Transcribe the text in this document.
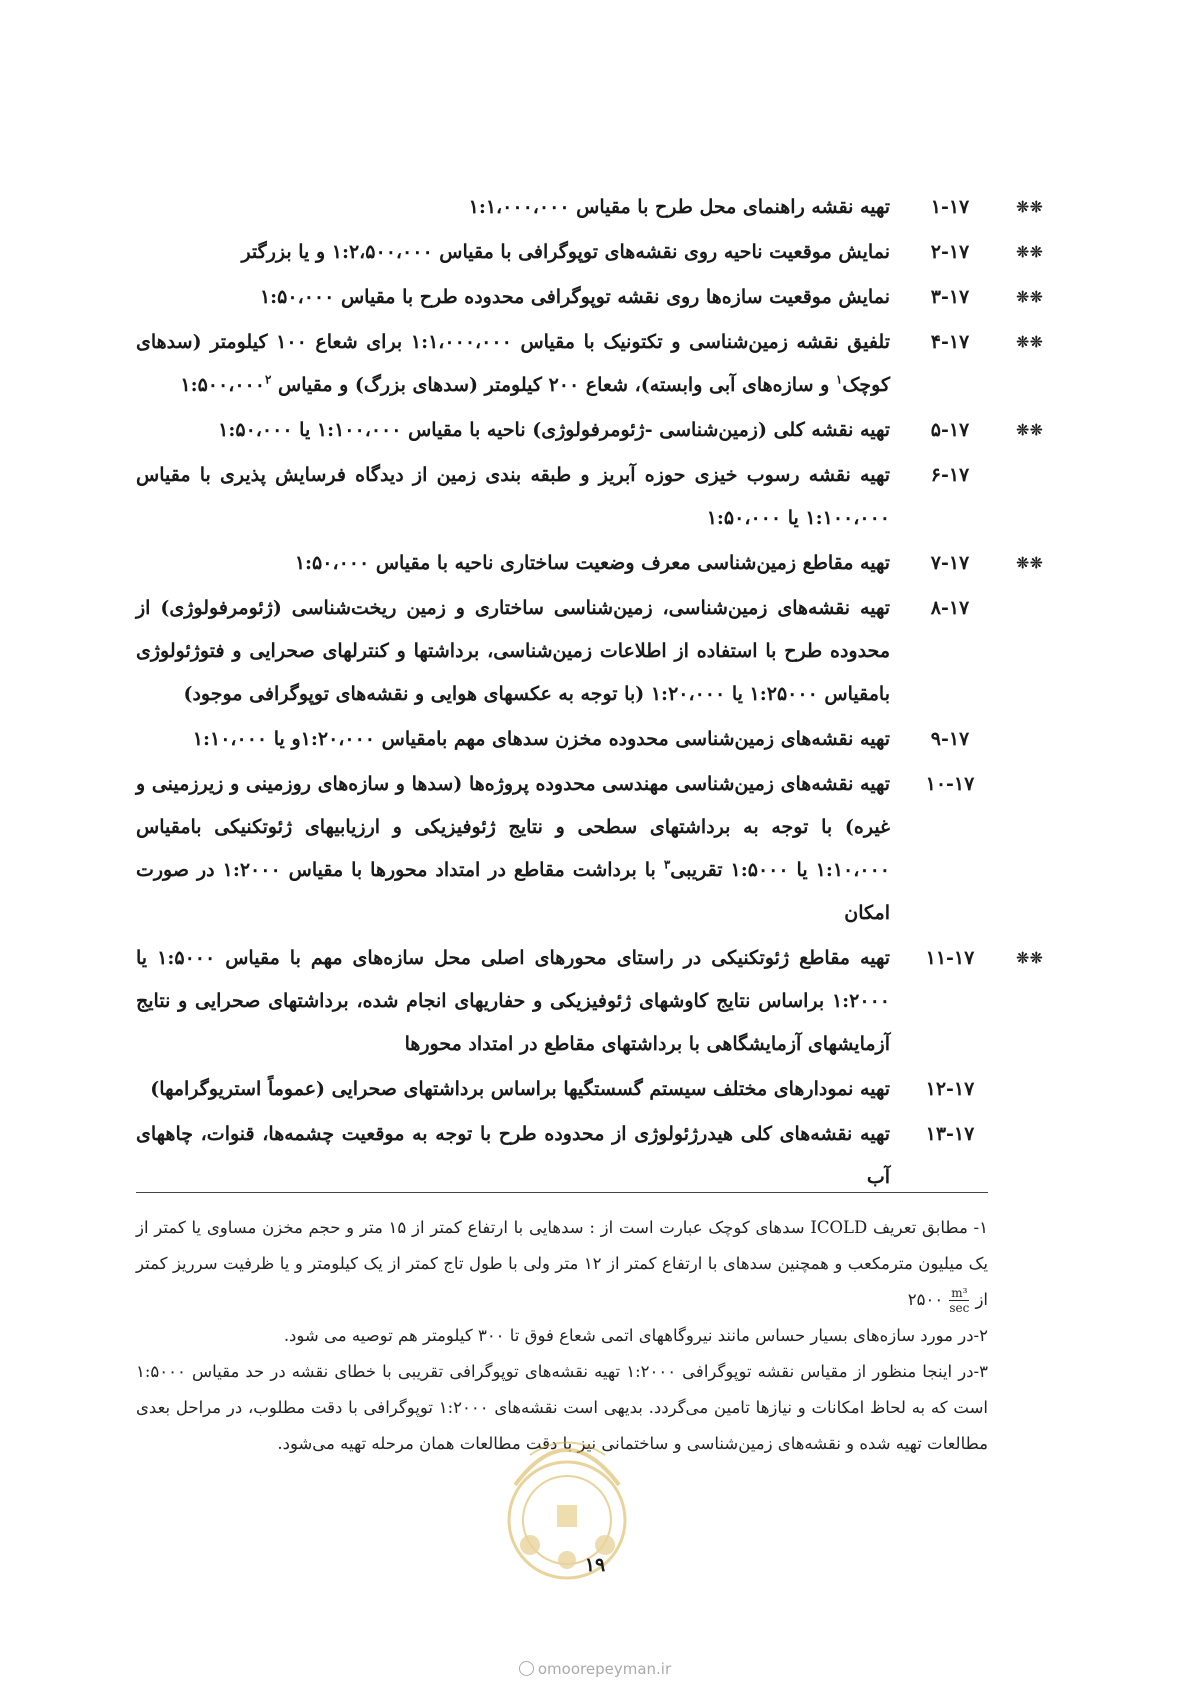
❊❊
۱-۱۷
تهیه نقشه راهنمای محل طرح با مقیاس ۱:۱،۰۰۰،۰۰۰
❊❊
۲-۱۷
نمایش موقعیت ناحیه روی نقشه‌های توپوگرافی با مقیاس ۱:۲،۵۰۰،۰۰۰ و یا بزرگتر
❊❊
۳-۱۷
نمایش موقعیت سازه‌ها روی نقشه توپوگرافی محدوده طرح با مقیاس ۱:۵۰،۰۰۰
❊❊
۴-۱۷
تلفیق نقشه زمین‌شناسی و تکتونیک با مقیاس ۱:۱،۰۰۰،۰۰۰ برای شعاع ۱۰۰ کیلومتر (سدهای کوچک$^۱$ و سازه‌های آبی وابسته)، شعاع ۲۰۰ کیلومتر (سدهای بزرگ) و مقیاس $۱:۵۰۰،۰۰۰^۲$
❊❊
۵-۱۷
تهیه نقشه کلی (زمین‌شناسی -ژئومرفولوژی) ناحیه با مقیاس ۱:۱۰۰،۰۰۰ یا ۱:۵۰،۰۰۰
۶-۱۷
تهیه نقشه رسوب خیزی حوزه آبریز و طبقه بندی زمین از دیدگاه فرسایش پذیری با مقیاس ۱:۱۰۰،۰۰۰ یا ۱:۵۰،۰۰۰
❊❊
۷-۱۷
تهیه مقاطع زمین‌شناسی معرف وضعیت ساختاری ناحیه با مقیاس ۱:۵۰،۰۰۰
۸-۱۷
تهیه نقشه‌های زمین‌شناسی، زمین‌شناسی ساختاری و زمین ریخت‌شناسی (ژئومرفولوژی) از محدوده طرح با استفاده از اطلاعات زمین‌شناسی، برداشتها و کنترلهای صحرایی و فتوژئولوژی بامقیاس ۱:۲۵۰۰۰ یا ۱:۲۰،۰۰۰ (با توجه به عکسهای هوایی و نقشه‌های توپوگرافی موجود)
۹-۱۷
تهیه نقشه‌های زمین‌شناسی محدوده مخزن سدهای مهم بامقیاس ۱:۲۰،۰۰۰و یا ۱:۱۰،۰۰۰
۱۰-۱۷
تهیه نقشه‌های زمین‌شناسی مهندسی محدوده پروژه‌ها (سدها و سازه‌های روزمینی و زیرزمینی و غیره) با توجه به برداشتهای سطحی و نتایج ژئوفیزیکی و ارزیابیهای ژئوتکنیکی بامقیاس ۱:۱۰،۰۰۰ یا ۱:۵۰۰۰ تقریبی$^۳$ با برداشت مقاطع در امتداد محورها با مقیاس ۱:۲۰۰۰ در صورت امکان
❊❊
۱۱-۱۷
تهیه مقاطع ژئوتکنیکی در راستای محورهای اصلی محل سازه‌های مهم با مقیاس ۱:۵۰۰۰ یا ۱:۲۰۰۰ براساس نتایج کاوشهای ژئوفیزیکی و حفاریهای انجام شده، برداشتهای صحرایی و نتایج آزمایشهای آزمایشگاهی با برداشتهای مقاطع در امتداد محورها
۱۲-۱۷
تهیه نمودارهای مختلف سیستم گسستگیها براساس برداشتهای صحرایی (عموماً استریوگرامها)
۱۳-۱۷
تهیه نقشه‌های کلی هیدرژئولوژی از محدوده طرح با توجه به موقعیت چشمه‌ها، قنوات، چاههای آب

۱- مطابق تعریف ICOLD سدهای کوچک عبارت است از : سدهایی با ارتفاع کمتر از ۱۵ متر و حجم مخزن مساوی یا کمتر از یک میلیون مترمکعب و همچنین سدهای با ارتفاع کمتر از ۱۲ متر ولی با طول تاج کمتر از یک کیلومتر و یا ظرفیت سرریز کمتر از
$\frac{\text{m³}}{\sec}$
۲۵۰۰

۲-در مورد سازه‌های بسیار حساس مانند نیروگاههای اتمی شعاع فوق تا ۳۰۰ کیلومتر هم توصیه می شود.

۳-در اینجا منظور از مقیاس نقشه توپوگرافی ۱:۲۰۰۰ تهیه نقشه‌های توپوگرافی تقریبی با خطای نقشه در حد مقیاس ۱:۵۰۰۰ است که به لحاظ امکانات و نیازها تامین می‌گردد. بدیهی است نقشه‌های ۱:۲۰۰۰ توپوگرافی با دقت مطلوب، در مراحل بعدی مطالعات تهیه شده و نقشه‌های زمین‌شناسی و ساختمانی نیز با دقت مطالعات همان مرحله تهیه می‌شود.

۱۹
omoorepeyman.ir
